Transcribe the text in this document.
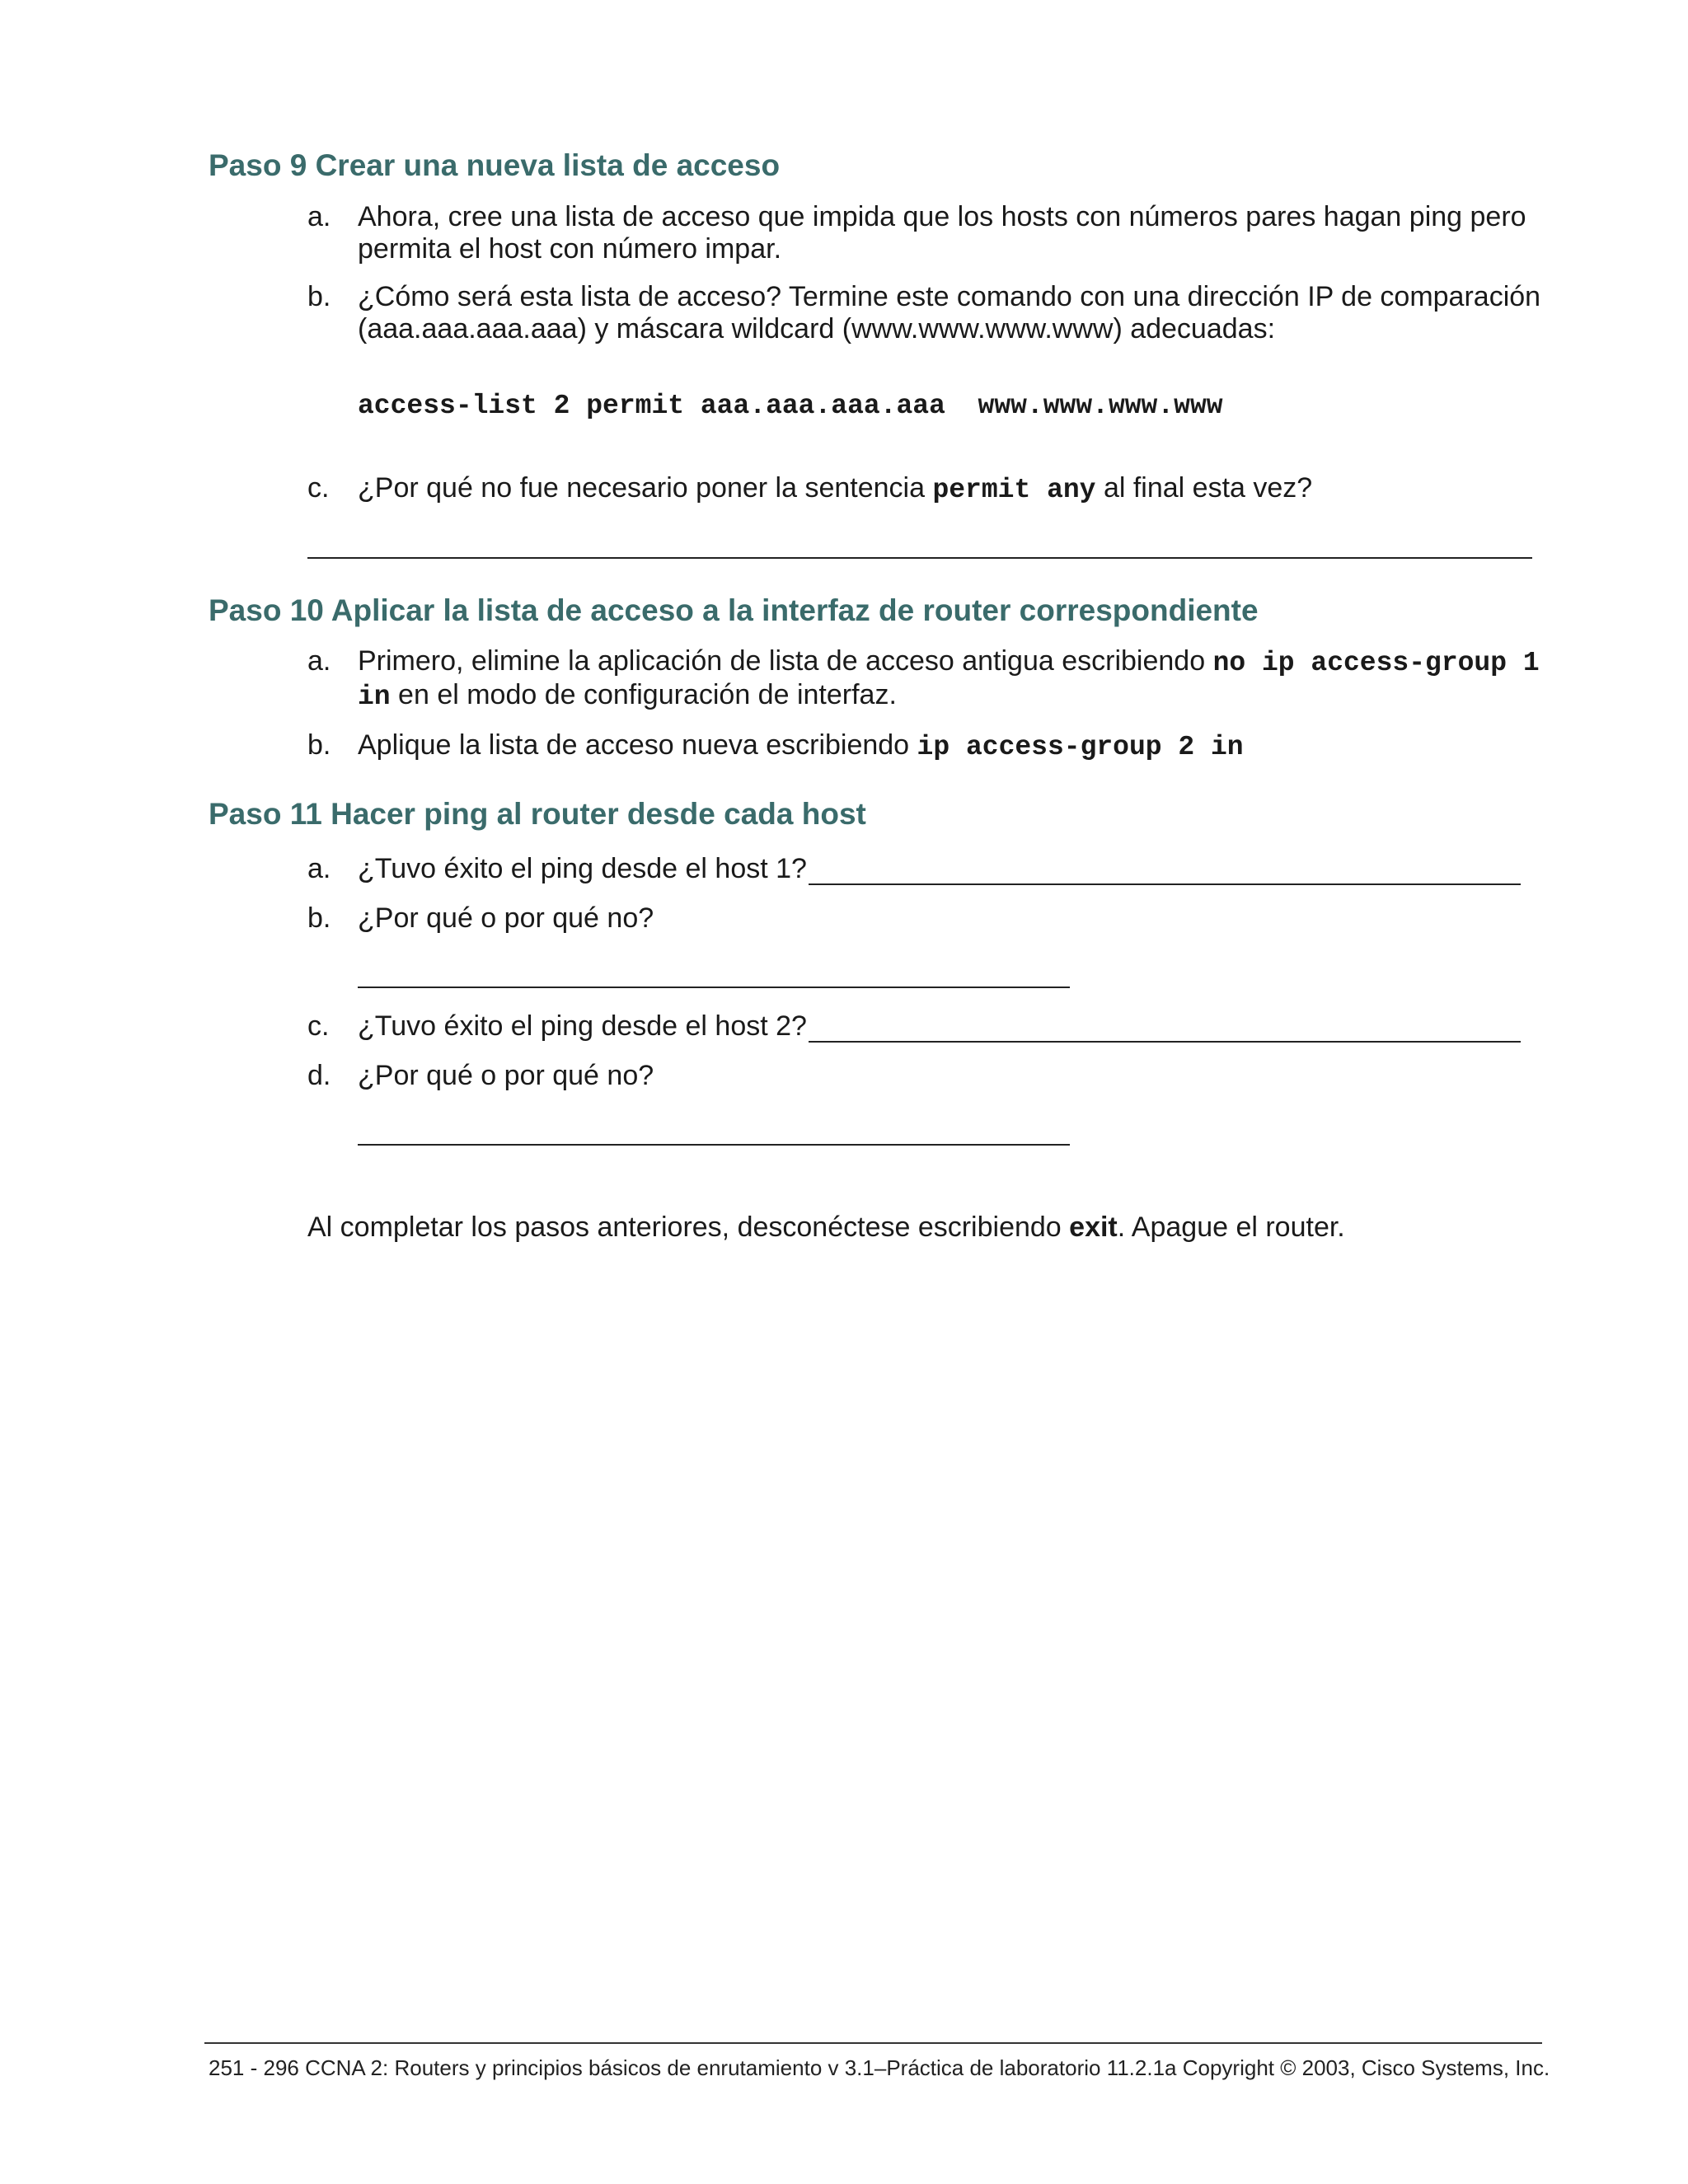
Paso 9 Crear una nueva lista de acceso
a. Ahora, cree una lista de acceso que impida que los hosts con números pares hagan ping pero
permita el host con número impar.
b. ¿Cómo será esta lista de acceso? Termine este comando con una dirección IP de comparación
(aaa.aaa.aaa.aaa) y máscara wildcard (www.www.www.www) adecuadas:
access-list 2 permit aaa.aaa.aaa.aaa  www.www.www.www
c.	¿Por qué no fue necesario poner la sentencia permit any al final esta vez?
Paso 10 Aplicar la lista de acceso a la interfaz de router correspondiente
a. Primero, elimine la aplicación de lista de acceso antigua escribiendo no ip access-group 1
in en el modo de configuración de interfaz.
b. Aplique la lista de acceso nueva escribiendo ip access-group 2 in
Paso 11 Hacer ping al router desde cada host
a. ¿Tuvo éxito el ping desde el host 1?
b. ¿Por qué o por qué no?
c.	¿Tuvo éxito el ping desde el host 2?
d. ¿Por qué o por qué no?
Al completar los pasos anteriores, desconéctese escribiendo exit. Apague el router.
251 - 296 CCNA 2: Routers y principios básicos de enrutamiento v 3.1–Práctica de laboratorio 11.2.1a Copyright © 2003, Cisco Systems, Inc.
